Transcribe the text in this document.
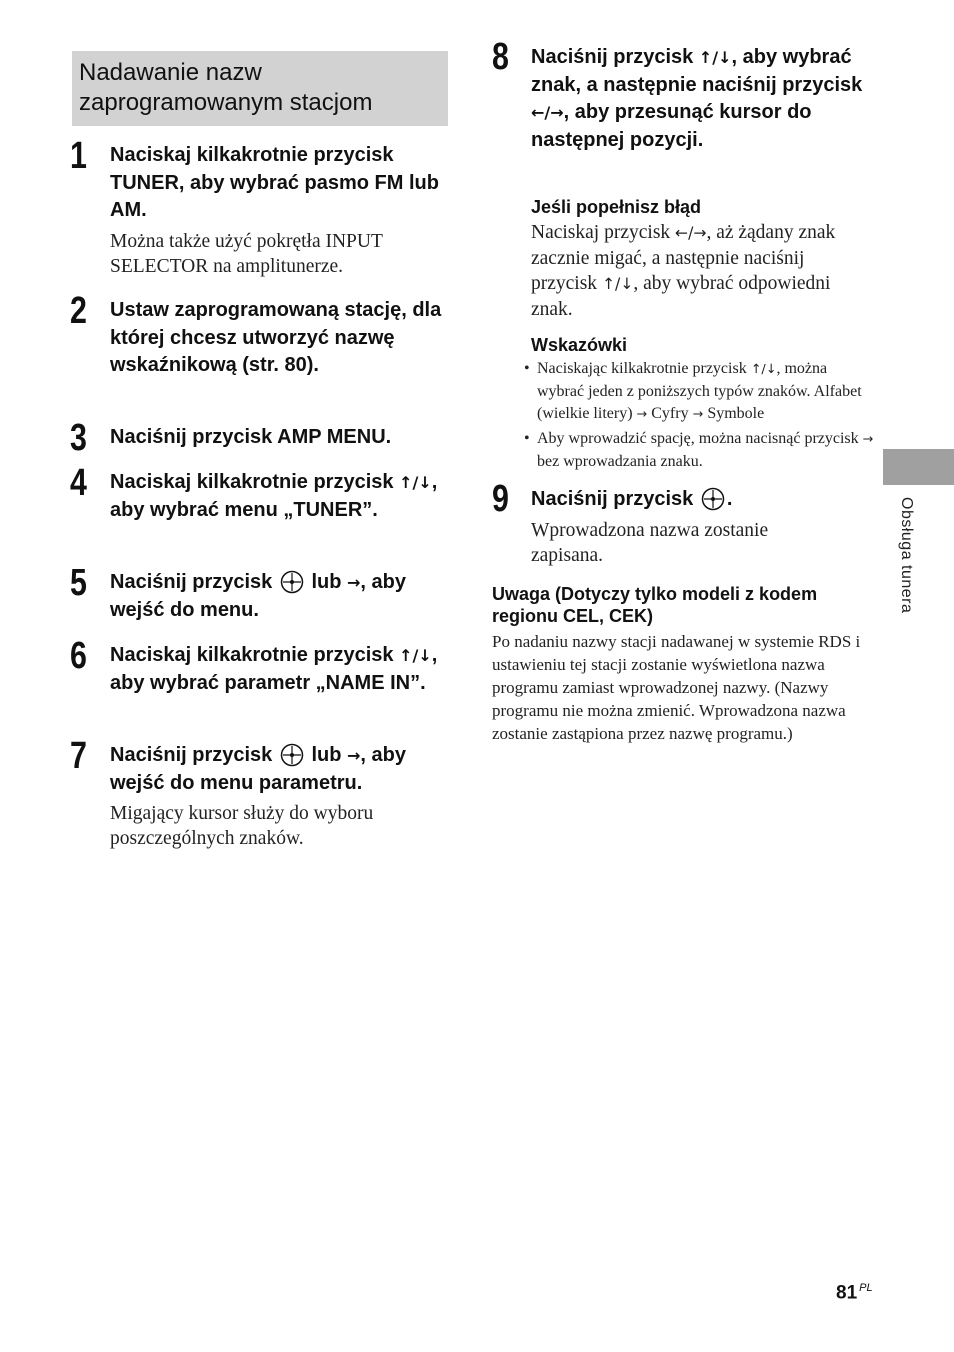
Nadawanie nazw zaprogramowanym stacjom
1 Naciskaj kilkakrotnie przycisk TUNER, aby wybrać pasmo FM lub AM.
Można także użyć pokrętła INPUT SELECTOR na amplitunerze.
2 Ustaw zaprogramowaną stację, dla której chcesz utworzyć nazwę wskaźnikową (str. 80).
3 Naciśnij przycisk AMP MENU.
4 Naciskaj kilkakrotnie przycisk ↑/↓, aby wybrać menu „TUNER”.
5 Naciśnij przycisk lub →, aby wejść do menu.
6 Naciskaj kilkakrotnie przycisk ↑/↓, aby wybrać parametr „NAME IN”.
7 Naciśnij przycisk lub →, aby wejść do menu parametru.
Migający kursor służy do wyboru poszczególnych znaków.
8 Naciśnij przycisk ↑/↓, aby wybrać znak, a następnie naciśnij przycisk ←/→, aby przesunąć kursor do następnej pozycji.
Jeśli popełnisz błąd
Naciskaj przycisk ←/→, aż żądany znak zacznie migać, a następnie naciśnij przycisk ↑/↓, aby wybrać odpowiedni znak.
Wskazówki
• Naciskając kilkakrotnie przycisk ↑/↓, można wybrać jeden z poniższych typów znaków. Alfabet (wielkie litery) → Cyfry → Symbole
• Aby wprowadzić spację, można nacisnąć przycisk → bez wprowadzania znaku.
9 Naciśnij przycisk .
Wprowadzona nazwa zostanie zapisana.
Uwaga (Dotyczy tylko modeli z kodem regionu CEL, CEK)
Po nadaniu nazwy stacji nadawanej w systemie RDS i ustawieniu tej stacji zostanie wyświetlona nazwa programu zamiast wprowadzonej nazwy. (Nazwy programu nie można zmienić. Wprowadzona nazwa zostanie zastąpiona przez nazwę programu.)
Obsługa tunera
81 $^{PL}$
